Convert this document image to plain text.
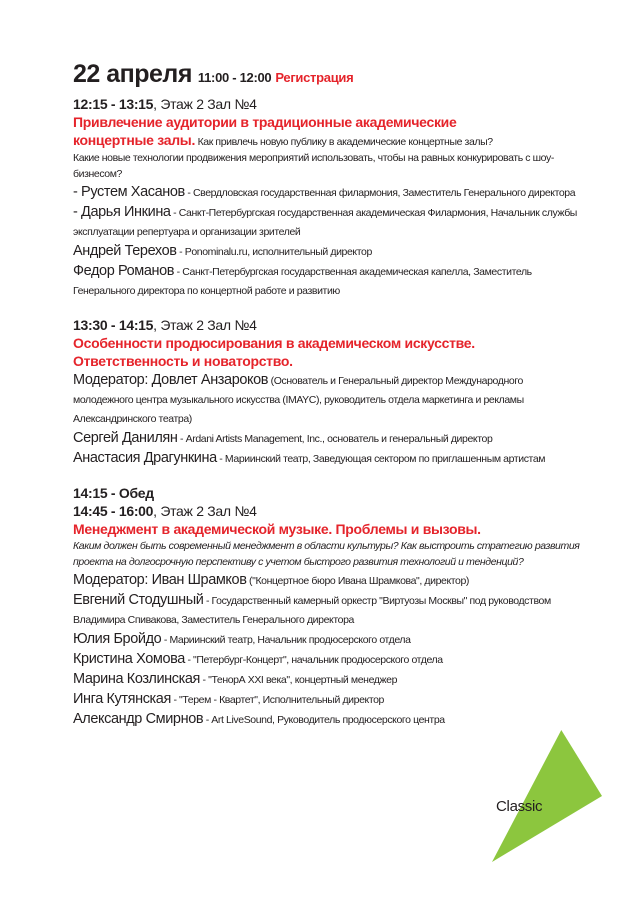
22 апреля 11:00 - 12:00 Регистрация
12:15 - 13:15, Этаж 2 Зал №4
Привлечение аудитории в традиционные академические
концертные залы. Как привлечь новую публику в академические концертные залы?
Какие новые технологии продвижения мероприятий использовать, чтобы на равных конкурировать с шоу-бизнесом?
- Рустем Хасанов - Свердловская государственная филармония, Заместитель Генерального директора
- Дарья Инкина - Санкт-Петербургская государственная академическая Филармония, Начальник службы эксплуатации репертуара и организации зрителей
Андрей Терехов - Ponominalu.ru, исполнительный директор
Федор Романов - Санкт-Петербургская государственная академическая капелла, Заместитель Генерального директора по концертной работе и развитию
13:30 - 14:15, Этаж 2 Зал №4
Особенности продюсирования в академическом искусстве.
Ответственность и новаторство.
Модератор: Довлет Анзароков (Основатель и Генеральный директор Международного молодежного центра музыкального искусства (IMAYC), руководитель отдела маркетинга и рекламы Александринского театра)
Сергей Данилян - Ardani Artists Management, Inc., основатель и генеральный директор
Анастасия Драгункина - Мариинский театр, Заведующая сектором по приглашенным артистам
14:15 - Обед
14:45 - 16:00, Этаж 2 Зал №4
Менеджмент в академической музыке. Проблемы и вызовы.
Каким должен быть современный менеджмент в области культуры? Как выстроить стратегию развития проекта на долгосрочную перспективу с учетом быстрого развития технологий и тенденций?
Модератор: Иван Шрамков ("Концертное бюро Ивана Шрамкова", директор)
Евгений Стодушный - Государственный камерный оркестр "Виртуозы Москвы" под руководством Владимира Спивакова, Заместитель Генерального директора
Юлия Бройдо - Мариинский театр, Начальник продюсерского отдела
Кристина Хомова - "Петербург-Концерт", начальник продюсерского отдела
Марина Козлинская - "ТенорА XXI века", концертный менеджер
Инга Кутянская - "Терем - Квартет", Исполнительный директор
Александр Смирнов - Art LiveSound, Руководитель продюсерского центра
Classic
